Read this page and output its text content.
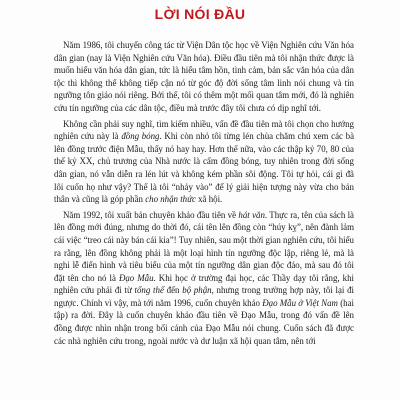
LỜI NÓI ĐẦU

Năm 1986, tôi chuyển công tác từ Viện Dân tộc học về Viện Nghiên cứu Văn hóa dân gian (nay là Viện Nghiên cứu Văn hóa). Điều đầu tiên mà tôi nhận thức được là muốn hiểu văn hóa dân gian, tức là hiểu tâm hồn, tình cảm, bản sắc văn hóa của dân tộc thì không thể không tiếp cận nó từ góc độ đời sống tâm linh nói chung và tín ngưỡng tôn giáo nói riêng. Bởi thế, tôi có thêm một mối quan tâm mới, đó là nghiên cứu tín ngưỡng của các dân tộc, điều mà trước đây tôi chưa có dịp nghĩ tới.

Không cần phải suy nghĩ, tìm kiếm nhiều, vấn đề đầu tiên mà tôi chọn cho hướng nghiên cứu này là đồng bóng. Khi còn nhỏ tôi từng lén chùa chăm chú xem các bà lên đồng trước điện Mẫu, thấy nó hay hay. Hơn thế nữa, vào các thập kỷ 70, 80 của thế kỷ XX, chủ trương của Nhà nước là cấm đồng bóng, tuy nhiên trong đời sống dân gian, nó vẫn diễn ra lén lút và không kém phần sôi động. Tôi tự hỏi, cái gì đã lôi cuốn họ như vậy? Thế là tôi “nhảy vào” để lý giải hiện tượng này vừa cho bản thân và cũng là góp phần cho nhận thức xã hội.

Năm 1992, tôi xuất bản chuyên khảo đầu tiên về hát văn. Thực ra, tên của sách là lên đồng mới đúng, nhưng do thời đó, cái tên lên đồng còn “húy kỵ”, nên đành lảm cái việc “treo cái này bán cái kia”! Tuy nhiên, sau một thời gian nghiên cứu, tôi hiểu ra rằng, lên đồng không phải là một loại hình tín ngưỡng độc lập, riêng lẻ, mà là nghi lễ điển hình và tiêu biểu của một tín ngưỡng dân gian độc đáo, mà sau đó tôi đặt tên cho nó là Đạo Mẫu. Khi học ở trường đại học, các Thầy dạy tôi rằng, khi nghiên cứu phải đi từ tổng thể đến bộ phận, nhưng trong trường hợp này, tôi lại đi ngược. Chính vì vậy, mà tới năm 1996, cuốn chuyên khảo Đạo Mẫu ở Việt Nam (hai tập) ra đời. Đây là cuốn chuyên khảo đầu tiên về Đạo Mẫu, trong đó vấn đề lên đồng được nhìn nhận trong bối cảnh của Đạo Mẫu nói chung. Cuốn sách đã được các nhà nghiên cứu trong, ngoài nước và dư luận xã hội quan tâm, nên tới
